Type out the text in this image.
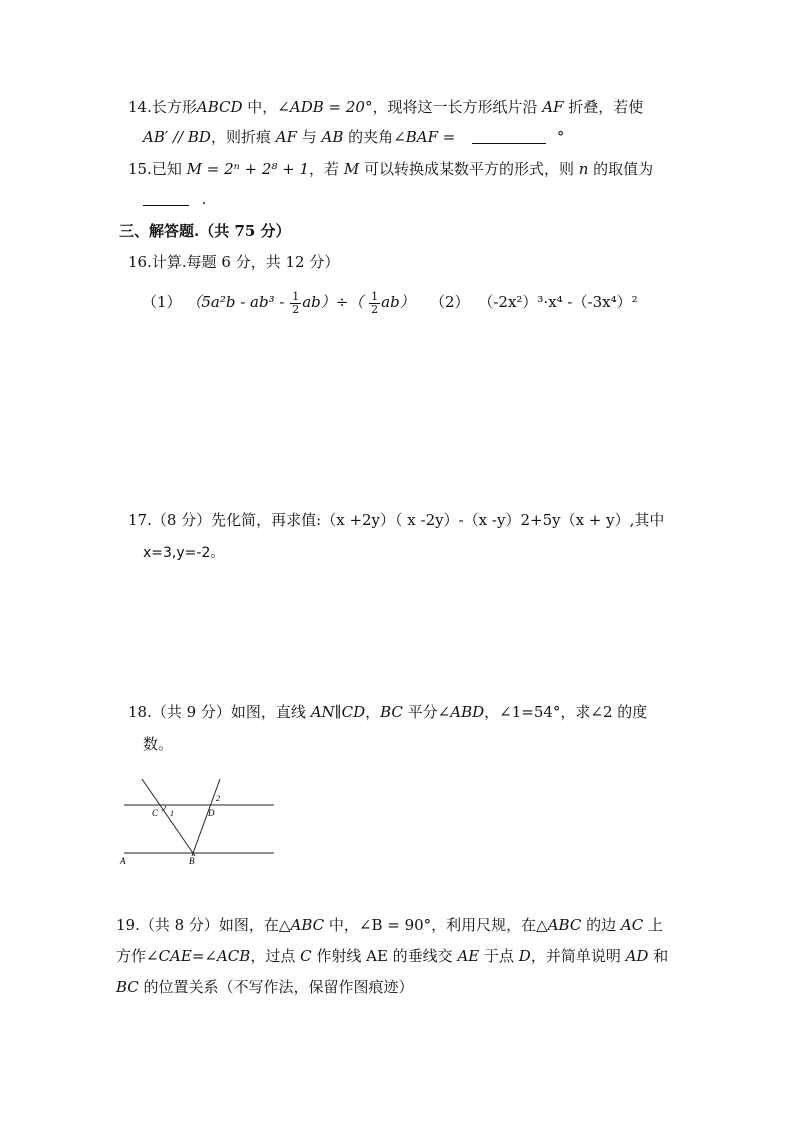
14.长方形ABCD 中，∠ADB = 20°，现将这一长方形纸片沿 AF 折叠，若使
AB′ // BD，则折痕 AF 与 AB 的夹角∠BAF =	°
15.已知 M = 2ⁿ + 2⁸ + 1，若 M 可以转换成某数平方的形式，则 n 的取值为
.
三、解答题.（共 75 分）
16.计算.每题 6 分，共 12 分）
（1） $(5a^2b - ab^3 - \frac{1}{2} ab)\div( \frac{1}{2} ab)$ （2） （-2x²）³·x⁴ -（-3x⁴）²
17.（8 分）先化简，再求值:（x +2y）（ x -2y）-（x -y）2+5y（x + y）,其中
x=3,y=-2。
18.（共 9 分）如图，直线 AN∥CD，BC 平分∠ABD，∠1=54°，求∠2 的度
数。
C 1	D
2
A	B
19.（共 8 分）如图，在△ABC 中，∠B = 90°，利用尺规，在△ABC 的边 AC 上
方作∠CAE=∠ACB，过点 C 作射线 AE 的垂线交 AE 于点 D，并简单说明 AD 和
BC 的位置关系（不写作法，保留作图痕迹）
